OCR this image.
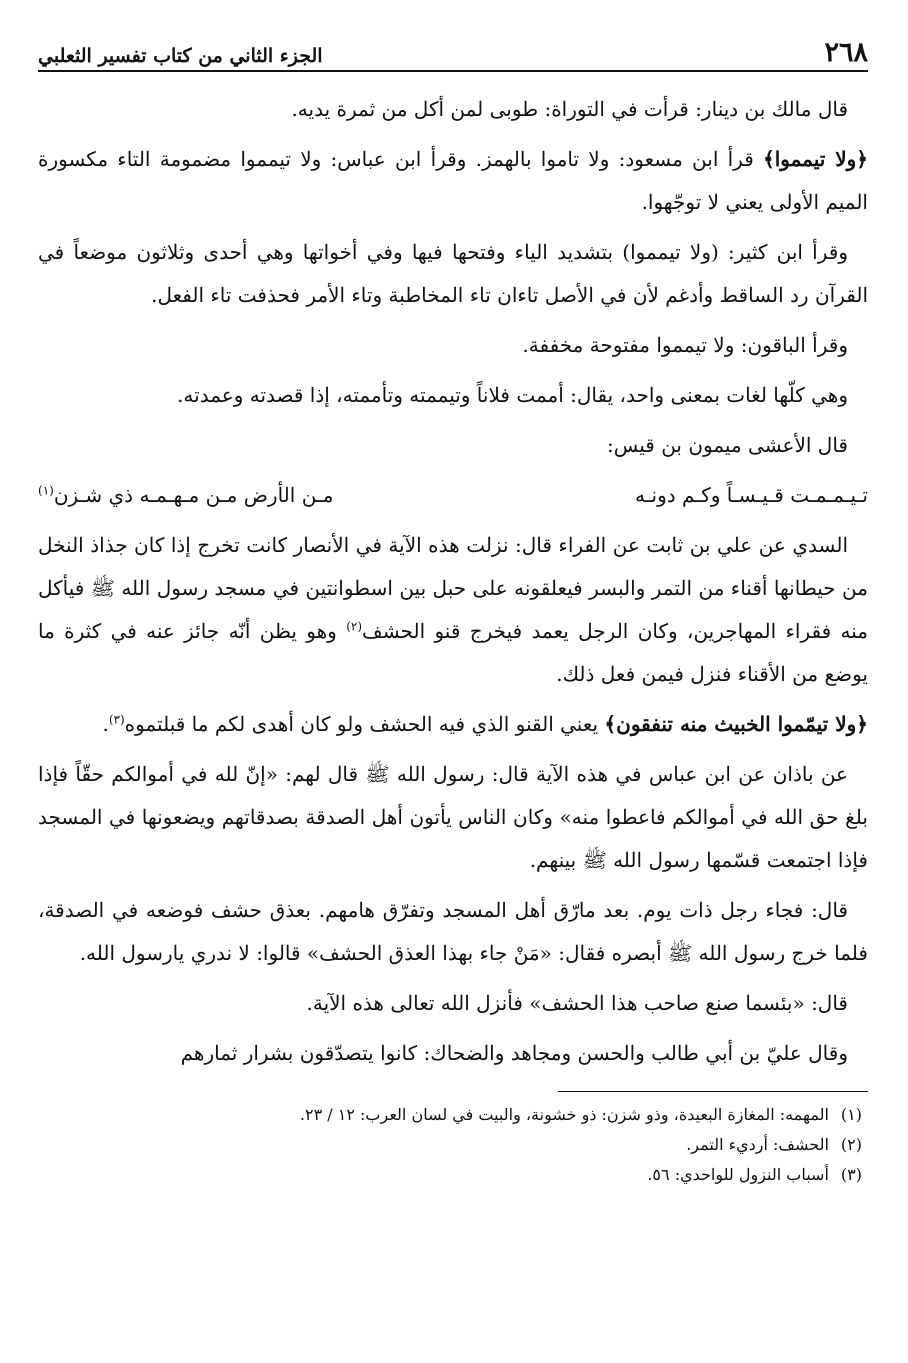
٢٦٨
الجزء الثاني من كتاب تفسير الثعلبي

قال مالك بن دينار: قرأت في التوراة: طوبى لمن أكل من ثمرة يديه.

﴿ولا تيمموا﴾ قرأ ابن مسعود: ولا تاموا بالهمز. وقرأ ابن عباس: ولا تيمموا مضمومة التاء مكسورة الميم الأولى يعني لا توجّهوا.

وقرأ ابن كثير: (ولا تيمموا) بتشديد الياء وفتحها فيها وفي أخواتها وهي أحدى وثلاثون موضعاً في القرآن رد الساقط وأدغم لأن في الأصل تاءان تاء المخاطبة وتاء الأمر فحذفت تاء الفعل.

وقرأ الباقون: ولا تيمموا مفتوحة مخففة.

وهي كلّها لغات بمعنى واحد، يقال: أممت فلاناً وتيممته وتأممته، إذا قصدته وعمدته.

قال الأعشى ميمون بن قيس:

تـيـمـمـت قـيـسـاً وكـم دونـه
مـن الأرض مـن مـهـمـه ذي شـزن$^{(١)}$

السدي عن علي بن ثابت عن الفراء قال: نزلت هذه الآية في الأنصار كانت تخرج إذا كان جذاذ النخل من حيطانها أقناء من التمر والبسر فيعلقونه على حبل بين اسطوانتين في مسجد رسول الله ﷺ فيأكل منه فقراء المهاجرين، وكان الرجل يعمد فيخرج قنو الحشف$^{(٢)}$ وهو يظن أنّه جائز عنه في كثرة ما يوضع من الأقناء فنزل فيمن فعل ذلك.

﴿ولا تيمّموا الخبيث منه تنفقون﴾ يعني القنو الذي فيه الحشف ولو كان أهدى لكم ما قبلتموه$^{(٣)}$.

عن باذان عن ابن عباس في هذه الآية قال: رسول الله ﷺ قال لهم: «إنّ لله في أموالكم حقّاً فإذا بلغ حق الله في أموالكم فاعطوا منه» وكان الناس يأتون أهل الصدقة بصدقاتهم ويضعونها في المسجد فإذا اجتمعت قسّمها رسول الله ﷺ بينهم.

قال: فجاء رجل ذات يوم. بعد مارّق أهل المسجد وتفرّق هامهم. بعذق حشف فوضعه في الصدقة، فلما خرج رسول الله ﷺ أبصره فقال: «مَنْ جاء بهذا العذق الحشف» قالوا: لا ندري يارسول الله.

قال: «بئسما صنع صاحب هذا الحشف» فأنزل الله تعالى هذه الآية.

وقال عليّ بن أبي طالب والحسن ومجاهد والضحاك: كانوا يتصدّقون بشرار ثمارهم

(١)
المهمه: المغازة البعيدة، وذو شزن: ذو خشونة، والبيت في لسان العرب: ١٢ / ٢٣.
(٢)
الحشف: أرديء التمر.
(٣)
أسباب النزول للواحدي: ٥٦.
